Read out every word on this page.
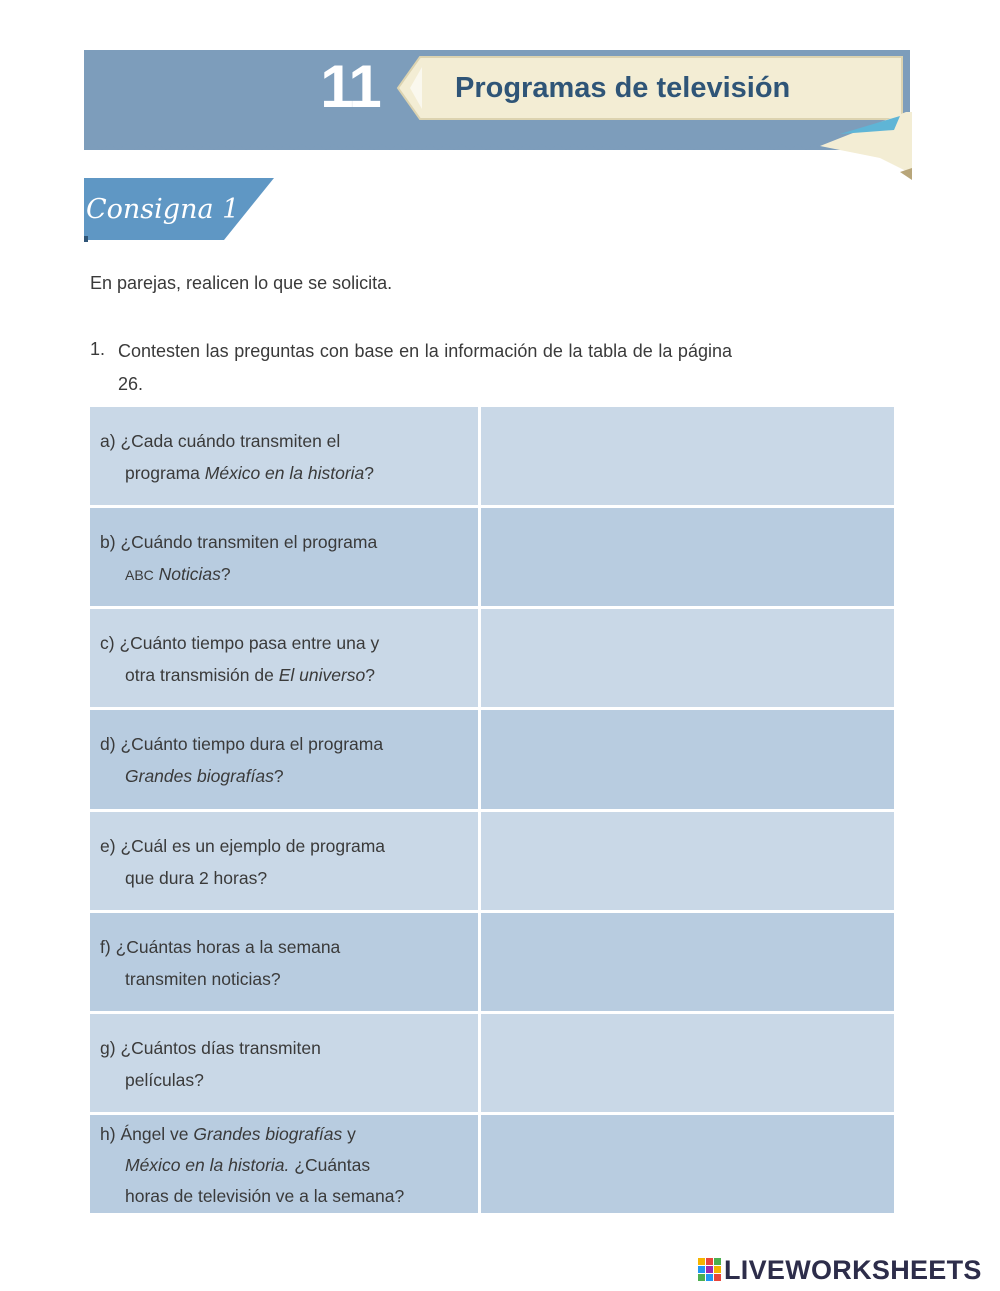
11	Programas de televisión
Consigna 1
En parejas, realicen lo que se solicita.
1. Contesten las preguntas con base en la información de la tabla de la página 26.
a) ¿Cada cuándo transmiten el
programa México en la historia?
b) ¿Cuándo transmiten el programa
ABC Noticias?
c) ¿Cuánto tiempo pasa entre una y
otra transmisión de El universo?
d) ¿Cuánto tiempo dura el programa
Grandes biografías?
e) ¿Cuál es un ejemplo de programa
que dura 2 horas?
f) ¿Cuántas horas a la semana
transmiten noticias?
g) ¿Cuántos días transmiten
películas?
h) Ángel ve Grandes biografías y
México en la historia. ¿Cuántas
horas de televisión ve a la semana?
LIVEWORKSHEETS
